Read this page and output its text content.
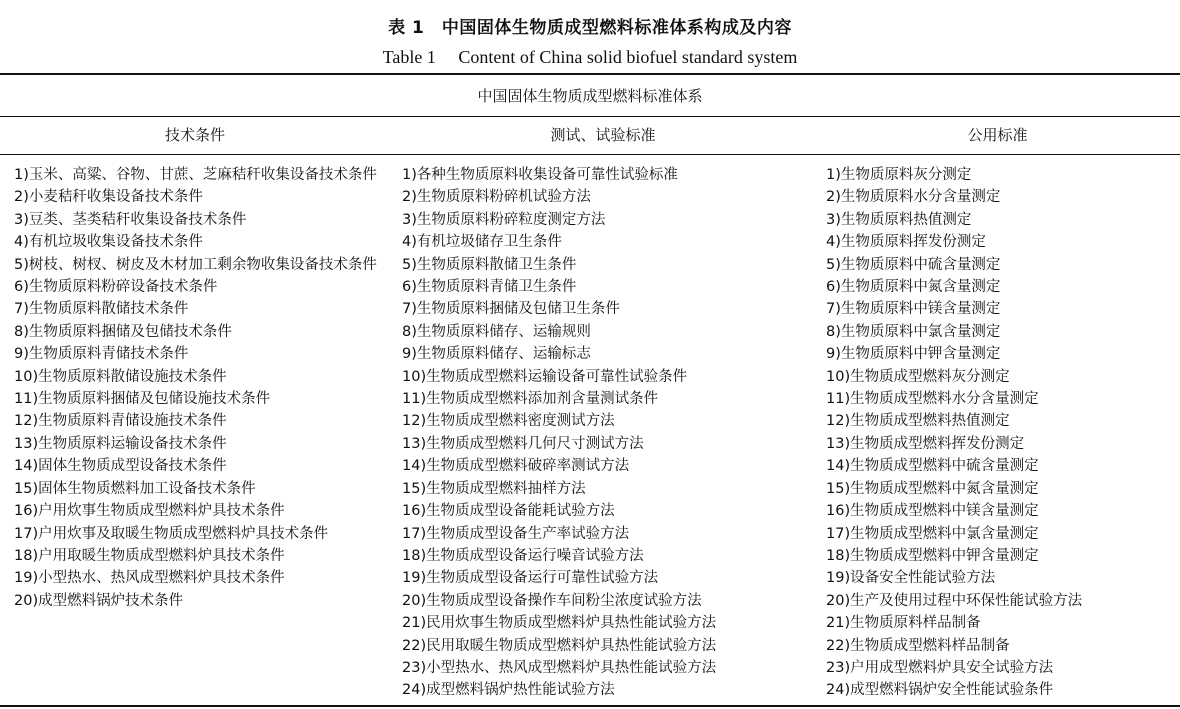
表 1　中国固体生物质成型燃料标准体系构成及内容
Table 1　 Content of China solid biofuel standard system
中国固体生物质成型燃料标准体系
技术条件	测试、试验标准	公用标准
1)玉米、高粱、谷物、甘蔗、芝麻秸秆收集设备技术条件
2)小麦秸秆收集设备技术条件
3)豆类、茎类秸秆收集设备技术条件
4)有机垃圾收集设备技术条件
5)树枝、树杈、树皮及木材加工剩余物收集设备技术条件
6)生物质原料粉碎设备技术条件
7)生物质原料散储技术条件
8)生物质原料捆储及包储技术条件
9)生物质原料青储技术条件
10)生物质原料散储设施技术条件
11)生物质原料捆储及包储设施技术条件
12)生物质原料青储设施技术条件
13)生物质原料运输设备技术条件
14)固体生物质成型设备技术条件
15)固体生物质燃料加工设备技术条件
16)户用炊事生物质成型燃料炉具技术条件
17)户用炊事及取暖生物质成型燃料炉具技术条件
18)户用取暖生物质成型燃料炉具技术条件
19)小型热水、热风成型燃料炉具技术条件
20)成型燃料锅炉技术条件
1)各种生物质原料收集设备可靠性试验标准
2)生物质原料粉碎机试验方法
3)生物质原料粉碎粒度测定方法
4)有机垃圾储存卫生条件
5)生物质原料散储卫生条件
6)生物质原料青储卫生条件
7)生物质原料捆储及包储卫生条件
8)生物质原料储存、运输规则
9)生物质原料储存、运输标志
10)生物质成型燃料运输设备可靠性试验条件
11)生物质成型燃料添加剂含量测试条件
12)生物质成型燃料密度测试方法
13)生物质成型燃料几何尺寸测试方法
14)生物质成型燃料破碎率测试方法
15)生物质成型燃料抽样方法
16)生物质成型设备能耗试验方法
17)生物质成型设备生产率试验方法
18)生物质成型设备运行噪音试验方法
19)生物质成型设备运行可靠性试验方法
20)生物质成型设备操作车间粉尘浓度试验方法
21)民用炊事生物质成型燃料炉具热性能试验方法
22)民用取暖生物质成型燃料炉具热性能试验方法
23)小型热水、热风成型燃料炉具热性能试验方法
24)成型燃料锅炉热性能试验方法
1)生物质原料灰分测定
2)生物质原料水分含量测定
3)生物质原料热值测定
4)生物质原料挥发份测定
5)生物质原料中硫含量测定
6)生物质原料中氮含量测定
7)生物质原料中镁含量测定
8)生物质原料中氯含量测定
9)生物质原料中钾含量测定
10)生物质成型燃料灰分测定
11)生物质成型燃料水分含量测定
12)生物质成型燃料热值测定
13)生物质成型燃料挥发份测定
14)生物质成型燃料中硫含量测定
15)生物质成型燃料中氮含量测定
16)生物质成型燃料中镁含量测定
17)生物质成型燃料中氯含量测定
18)生物质成型燃料中钾含量测定
19)设备安全性能试验方法
20)生产及使用过程中环保性能试验方法
21)生物质原料样品制备
22)生物质成型燃料样品制备
23)户用成型燃料炉具安全试验方法
24)成型燃料锅炉安全性能试验条件
